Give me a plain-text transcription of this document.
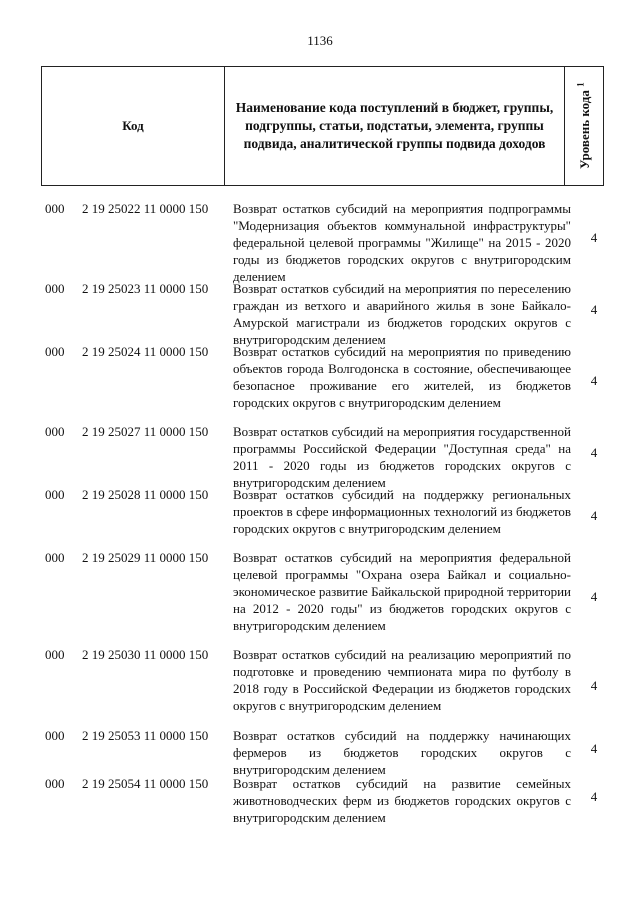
1136
Код
Наименование кода поступлений в бюджет, группы, подгруппы, статьи, подстатьи, элемента, группы подвида, аналитической группы подвида доходов	Уровень кода $^1$
000 2 19 25022 11 0000 150 Возврат остатков субсидий на мероприятия подпрограммы "Модернизация объектов коммунальной инфраструктуры" федеральной целевой программы "Жилище" на 2015 - 2020 годы из бюджетов городских округов с внутригородским делением
4
000 2 19 25023 11 0000 150 Возврат остатков субсидий на мероприятия по переселению граждан из ветхого и аварийного жилья в зоне Байкало-Амурской магистрали из бюджетов городских округов с внутригородским делением
4
000 2 19 25024 11 0000 150 Возврат остатков субсидий на мероприятия по приведению объектов города Волгодонска в состояние, обеспечивающее безопасное проживание его жителей, из бюджетов городских округов с внутригородским делением
4
000 2 19 25027 11 0000 150 Возврат остатков субсидий на мероприятия государственной программы Российской Федерации "Доступная среда" на 2011 - 2020 годы из бюджетов городских округов с внутригородским делением
4
000 2 19 25028 11 0000 150 Возврат остатков субсидий на поддержку региональных проектов в сфере информационных технологий из бюджетов городских округов с внутригородским делением
4
000 2 19 25029 11 0000 150 Возврат остатков субсидий на мероприятия федеральной целевой программы "Охрана озера Байкал и социально-экономическое развитие Байкальской природной территории на 2012 - 2020 годы" из бюджетов городских округов с внутригородским делением
4
000 2 19 25030 11 0000 150 Возврат остатков субсидий на реализацию мероприятий по подготовке и проведению чемпионата мира по футболу в 2018 году в Российской Федерации из бюджетов городских округов с внутригородским делением
4
000 2 19 25053 11 0000 150 Возврат остатков субсидий на поддержку начинающих фермеров из бюджетов городских округов с внутригородским делением
4
000 2 19 25054 11 0000 150 Возврат остатков субсидий на развитие семейных животноводческих ферм из бюджетов городских округов с внутригородским делением
4
